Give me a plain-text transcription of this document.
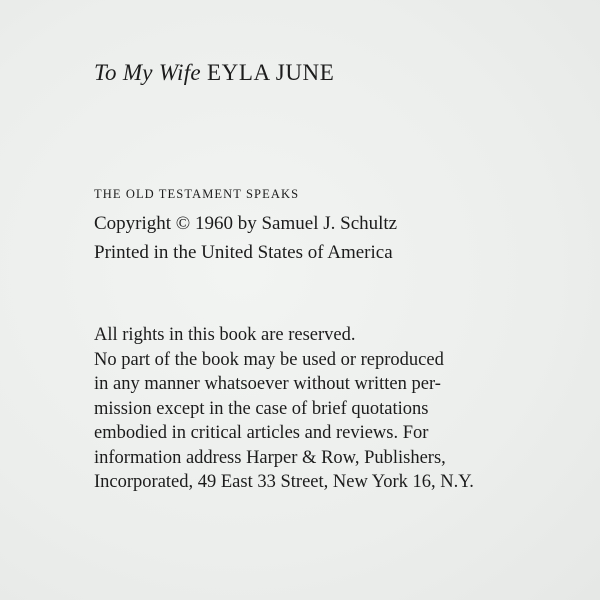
To My Wife EYLA JUNE
THE OLD TESTAMENT SPEAKS
Copyright © 1960 by Samuel J. Schultz
Printed in the United States of America
All rights in this book are reserved.
No part of the book may be used or reproduced
in any manner whatsoever without written per-
mission except in the case of brief quotations
embodied in critical articles and reviews. For
information address Harper & Row, Publishers,
Incorporated, 49 East 33 Street, New York 16, N.Y.
